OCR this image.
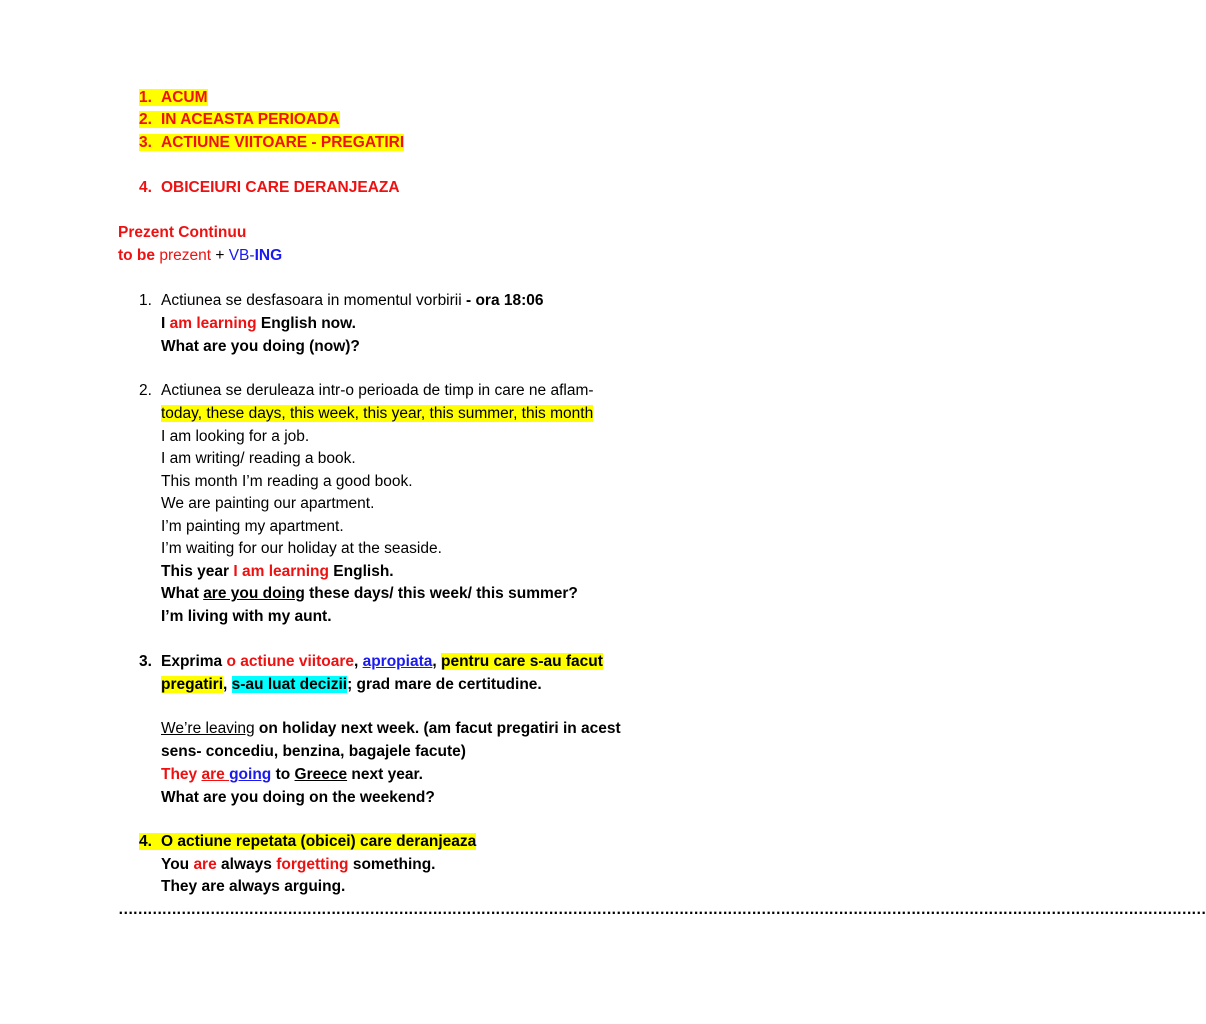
1. ACUM
2. IN ACEASTA PERIOADA
3. ACTIUNE VIITOARE - PREGATIRI
4. OBICEIURI CARE DERANJEAZA
Prezent Continuu
to be prezent + VB-ING
1. Actiunea se desfasoara in momentul vorbirii - ora 18:06
I am learning English now.
What are you doing (now)?
2. Actiunea se deruleaza intr-o perioada de timp in care ne aflam-
today, these days, this week, this year, this summer, this month
I am looking for a job.
I am writing/ reading a book.
This month I’m reading a good book.
We are painting our apartment.
I’m painting my apartment.
I’m waiting for our holiday at the seaside.
This year I am learning English.
What are you doing these days/ this week/ this summer?
I’m living with my aunt.
3. Exprima o actiune viitoare, apropiata, pentru care s-au facut
pregatiri, s-au luat decizii; grad mare de certitudine.
We’re leaving on holiday next week. (am facut pregatiri in acest
sens- concediu, benzina, bagajele facute)
They are going to Greece next year.
What are you doing on the weekend?
4. O actiune repetata (obicei) care deranjeaza
You are always forgetting something.
They are always arguing.
………………………………………………………………………………………………………………………………………………………………………………………………………
